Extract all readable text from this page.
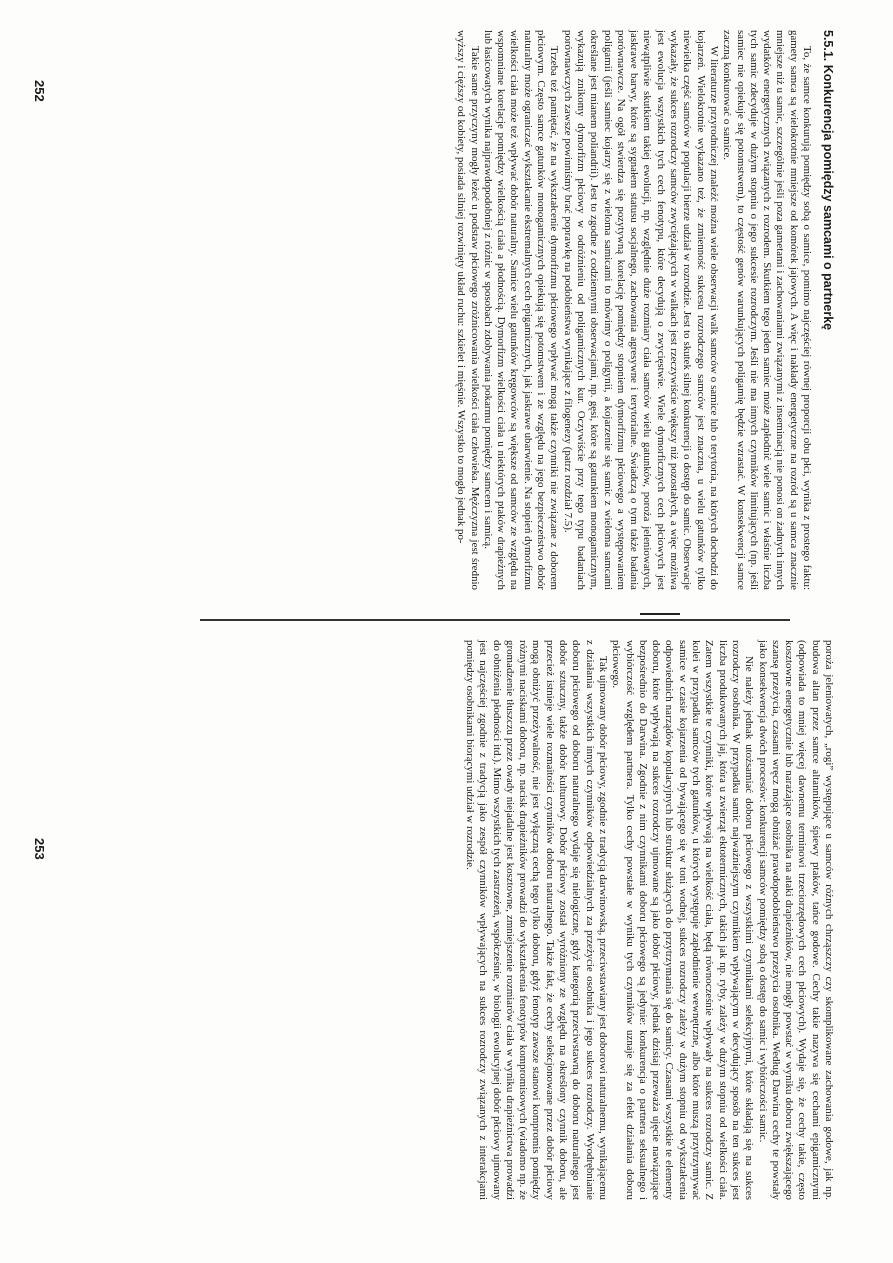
5.5.1. Konkurencja pomiędzy samcami o partnerkę

To, że samce konkurują pomiędzy sobą o samice, pomimo najczęściej równej proporcji obu płci, wynika z prostego faktu: gamety samca są wielokrotnie mniejsze od komórek jajowych. A więc i nakłady energetyczne na rozród są u samca znacznie mniejsze niż u samic, szczególnie jeśli poza gametami i zachowaniami związanymi z inseminacją nie ponosi on żadnych innych wydatków energetycznych związanych z rozrodem. Skutkiem tego jeden samiec może zapłodnić wiele samic i właśnie liczba tych samic zdecyduje w dużym stopniu o jego sukcesie rozrodczym. Jeśli nie ma innych czynników limitujących (np. jeśli samiec nie opiekuje się potomstwem), to częstość genów warunkujących poligamię będzie wzrastać. W konsekwencji samce zaczną konkurować o samice.

W literaturze przyrodniczej znaleźć można wiele obserwacji walk samców o samice lub o terytoria, na których dochodzi do kojarzeń. Wielokrotnie wykazano też, że zmienność sukcesu rozrodczego samców jest znaczna, u wielu gatunków tylko niewielka część samców w populacji bierze udział w rozrodzie. Jest to skutek silnej konkurencji o dostęp do samic. Obserwacje wykazały, że sukces rozrodczy samców zwyciężających w walkach jest rzeczywiście większy niż pozostałych, a więc możliwa jest ewolucja wszystkich tych cech fenotypu, które decydują o zwycięstwie. Wiele dymorficznych cech płciowych jest niewątpliwie skutkiem takiej ewolucji, np. względnie duże rozmiary ciała samców wielu gatunków, poroża jeleniowatych, jaskrawe barwy, które są sygnałem statusu socjalnego, zachowania agresywne i terytorialne. Świadczą o tym także badania porównawcze. Na ogół stwierdza się pozytywną korelację pomiędzy stopniem dymorfizmu płciowego a występowaniem poligamii (jeśli samiec kojarzy się z wieloma samicami to mówimy o poligynii, a kojarzenie się samic z wieloma samcami określane jest mianem poliandrii). Jest to zgodne z codziennymi obserwacjami, np. gęsi, które są gatunkiem monogamicznym, wykazują znikomy dymorfizm płciowy w odróżnieniu od poligamicznych kur. Oczywiście przy tego typu badaniach porównawczych zawsze powinniśmy brać poprawkę na podobieństwa wynikające z filogenezy (patrz rozdział 7.5).

Trzeba też pamiętać, że na wykształcenie dymorfizmu płciowego wpływać mogą także czynniki nie związane z doborem płciowym. Często samce gatunków monogamicznych opiekują się potomstwem i ze względu na jego bezpieczeństwo dobór naturalny może ograniczać wykształcanie ekstremalnych cech epigamicznych, jak jaskrawe ubarwienie. Na stopień dymorfizmu wielkości ciała może też wpływać dobór naturalny. Samice wielu gatunków kręgowców są większe od samców ze względu na wspomniane korelacje pomiędzy wielkością ciała a płodnością. Dymorfizm wielkości ciała u niektórych ptaków drapieżnych lub łasicowatych wynika najprawdopodobniej z różnic w sposobach zdobywania pokarmu pomiędzy samcem i samicą.

Takie same przyczyny mogły leżeć u podstaw płciowego zróżnicowania wielkości ciała człowieka. Mężczyzna jest średnio wyższy i cięższy od kobiety, posiada silniej rozwinięty układ ruchu: szkielet i mięśnie. Wszystko to mogło jednak po-

poroża jeleniowatych, „rogi” występujące u samców różnych chrząszczy czy skomplikowane zachowania godowe, jak np. budowa altan przez samce altanników, śpiewy ptaków, tańce godowe. Cechy takie nazywa się cechami epigamicznymi (odpowiada to mniej więcej dawnemu terminowi trzeciorzędowych cech płciowych). Wydaje się, że cechy takie, często kosztowne energetycznie lub narażające osobnika na ataki drapieżników, nie mogły powstać w wyniku doboru zwiększającego szansę przeżycia, czasami wręcz mogą obniżać prawdopodobieństwo przeżycia osobnika. Według Darwina cechy te powstały jako konsekwencja dwóch procesów: konkurencji samców pomiędzy sobą o dostęp do samic i wybiórczości samic.

Nie należy jednak utożsamiać doboru płciowego z wszystkimi czynnikami selekcyjnymi, które składają się na sukces rozrodczy osobnika. W przypadku samic najważniejszym czynnikiem wpływającym w decydujący sposób na ten sukces jest liczba produkowanych jaj, która u zwierząt ektotermicznych, takich jak np. ryby, zależy w dużym stopniu od wielkości ciała. Zatem wszystkie te czynniki, które wpływają na wielkość ciała, będą równocześnie wpływały na sukces rozrodczy samic. Z kolei w przypadku samców tych gatunków, u których występuje zapłodnienie wewnętrzne, albo które muszą przytrzymywać samice w czasie kojarzenia od bywającego się w toni wodnej, sukces rozrodczy zależy w dużym stopniu od wykształcenia odpowiednich narządów kopulacyjnych lub struktur służących do przytrzymania się do samicy. Czasami wszystkie te elementy doboru, które wpływają na sukces rozrodczy ujmowane są jako dobór płciowy, jednak dzisiaj przeważa ujęcie nawiązujące bezpośrednio do Darwina. Zgodnie z nim czynnikami doboru płciowego są jedynie: konkurencja o partnera seksualnego i wybiórczość względem partnera. Tylko cechy powstałe w wyniku tych czynników uznaje się za efekt działania doboru płciowego.

Tak ujmowany dobór płciowy, zgodnie z tradycją darwinowską, przeciwstawiany jest doborowi naturalnemu, wynikającemu z działania wszystkich innych czynników odpowiedzialnych za przeżycie osobnika i jego sukces rozrodczy. Wyodrębnianie doboru płciowego od doboru naturalnego wydaje się nielogiczne, gdyż kategorią przeciwstawną do doboru naturalnego jest dobór sztuczny, także dobór kulturowy. Dobór płciowy został wyróżniony ze względu na określony czynnik doboru, ale przecież istnieje wiele rozmaitości czynników doboru naturalnego. Także fakt, że cechy selekcjonowane przez dobór płciowy mogą obniżyć przeżywalność, nie jest wyłączną cechą tego tylko doboru, gdyż fenotyp zawsze stanowi kompromis pomiędzy różnymi naciskami doboru, np. nacisk drapieżników prowadzi do wykształcenia fenotypów kompromisowych (wiadomo np. że gromadzenie tłuszczu przez owady niejadalne jest kosztowne, zmniejszenie rozmiarów ciała w wyniku drapieżnictwa prowadzi do obniżenia płodności itd.). Mimo wszystkich tych zastrzeżeń, współcześnie, w biologii ewolucyjnej dobór płciowy ujmowany jest najczęściej zgodnie z tradycją jako zespół czynników wpływających na sukces rozrodczy związanych z interakcjami pomiędzy osobnikami biorącymi udział w rozrodzie.

253
252
